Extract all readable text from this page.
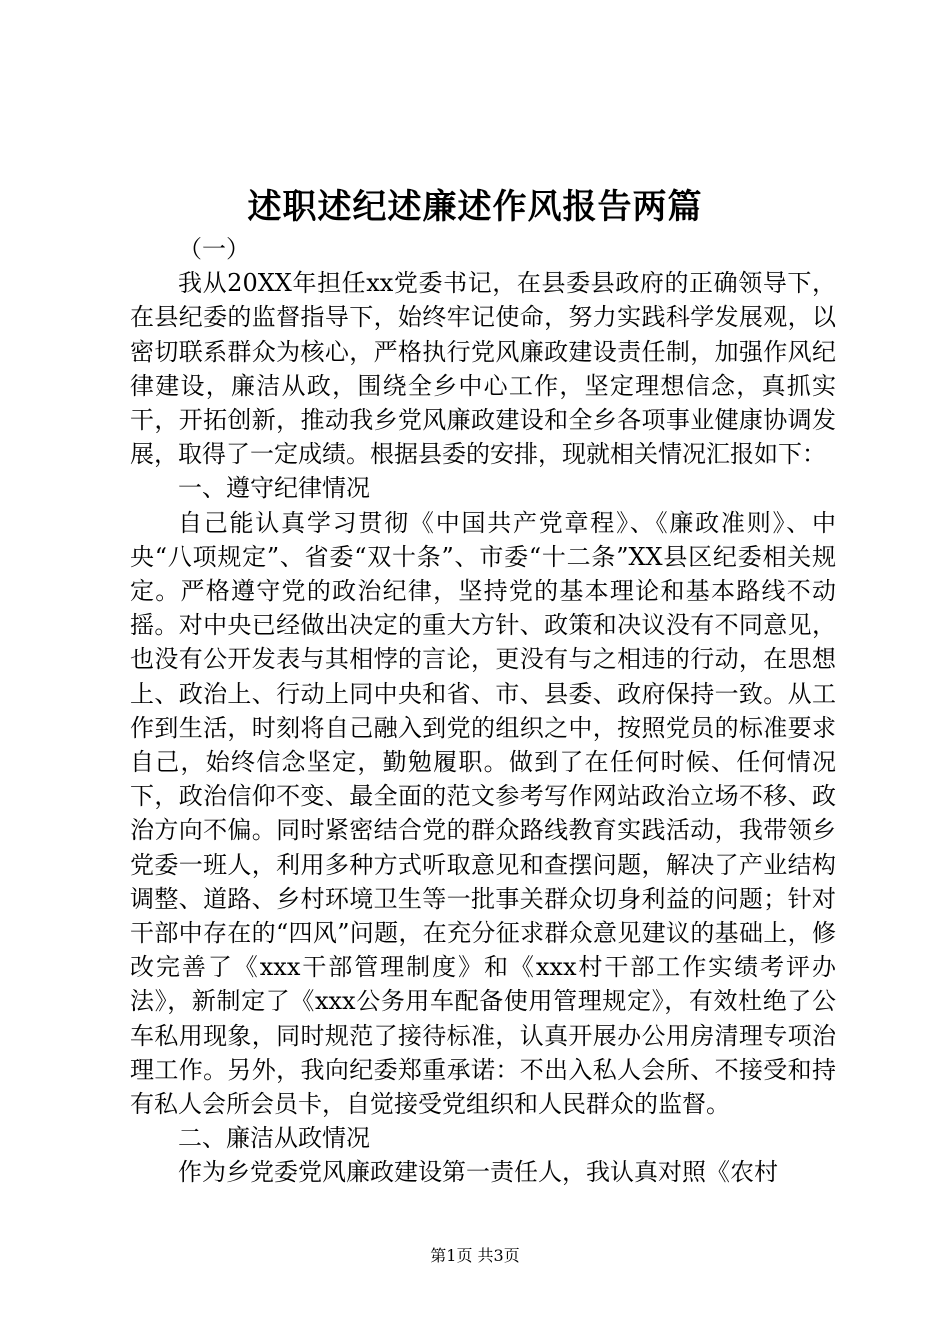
述职述纪述廉述作风报告两篇

（一）

我从20XX年担任xx党委书记，在县委县政府的正确领导下，在县纪委的监督指导下，始终牢记使命，努力实践科学发展观，以密切联系群众为核心，严格执行党风廉政建设责任制，加强作风纪律建设，廉洁从政，围绕全乡中心工作，坚定理想信念，真抓实干，开拓创新，推动我乡党风廉政建设和全乡各项事业健康协调发展，取得了一定成绩。根据县委的安排，现就相关情况汇报如下：

一、遵守纪律情况

自己能认真学习贯彻《中国共产党章程》、《廉政准则》、中央“八项规定”、省委“双十条”、市委“十二条”XX县区纪委相关规定。严格遵守党的政治纪律，坚持党的基本理论和基本路线不动摇。对中央已经做出决定的重大方针、政策和决议没有不同意见，也没有公开发表与其相悖的言论，更没有与之相违的行动，在思想上、政治上、行动上同中央和省、市、县委、政府保持一致。从工作到生活，时刻将自己融入到党的组织之中，按照党员的标准要求自己，始终信念坚定，勤勉履职。做到了在任何时候、任何情况下，政治信仰不变、最全面的范文参考写作网站政治立场不移、政治方向不偏。同时紧密结合党的群众路线教育实践活动，我带领乡党委一班人，利用多种方式听取意见和查摆问题，解决了产业结构调整、道路、乡村环境卫生等一批事关群众切身利益的问题；针对干部中存在的“四风”问题，在充分征求群众意见建议的基础上，修改完善了《xxx干部管理制度》和《xxx村干部工作实绩考评办法》，新制定了《xxx公务用车配备使用管理规定》，有效杜绝了公车私用现象，同时规范了接待标准，认真开展办公用房清理专项治理工作。另外，我向纪委郑重承诺：不出入私人会所、不接受和持有私人会所会员卡，自觉接受党组织和人民群众的监督。

二、廉洁从政情况

作为乡党委党风廉政建设第一责任人，我认真对照《农村

第1页 共3页
